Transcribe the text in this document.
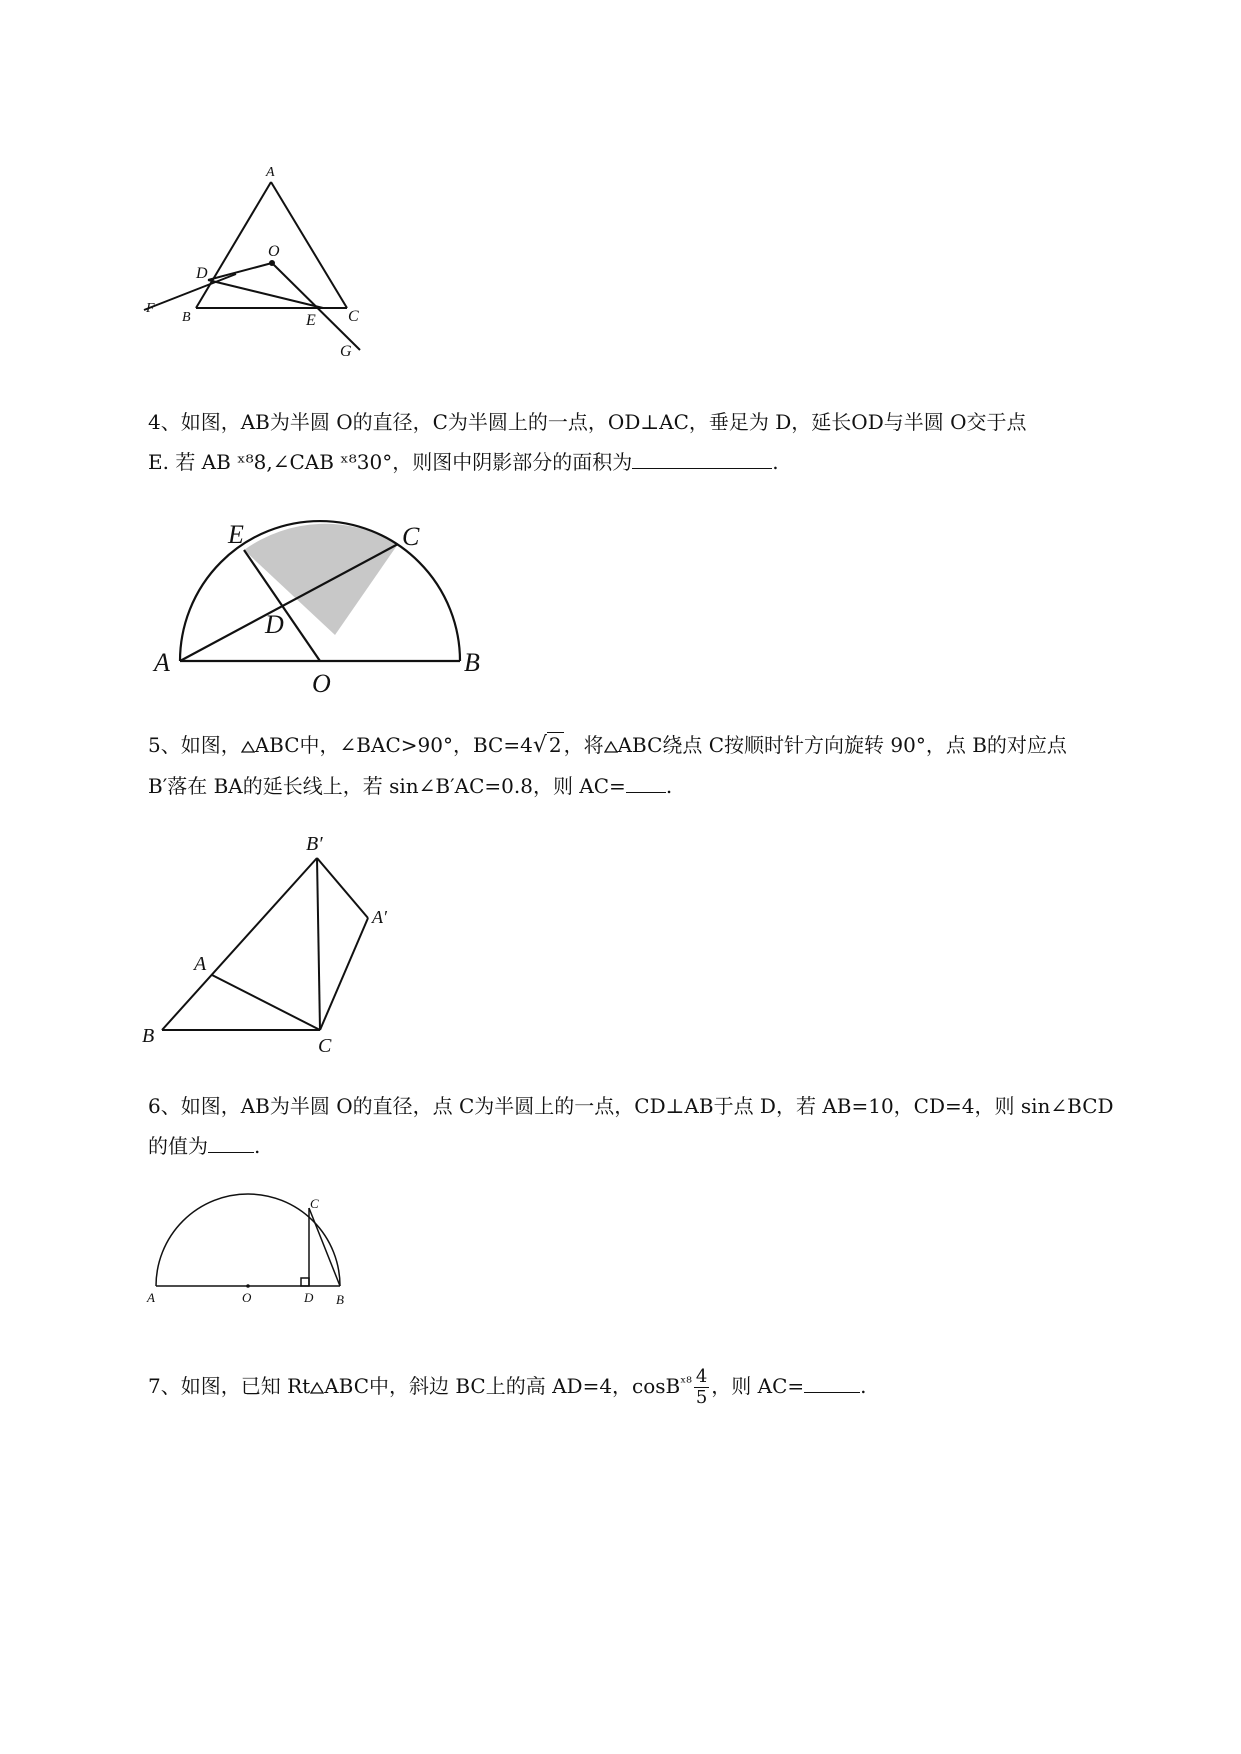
A
O
D
F
B	E C
G

4、如图，AB为半圆 O的直径，C为半圆上的一点，OD⊥AC，垂足为 D，延长OD与半圆 O交于点

E. 若 AB ˣ⁸8,∠CAB ˣ⁸30°，则图中阴影部分的面积为	.

E	C
D
A
O
B

5、如图， ABC中，∠BAC>90°，BC=4√ 2 ，将 ABC绕点 C按顺时针方向旋转 90°，点 B的对应点

B′落在 BA的延长线上，若 sin∠B′AC=0.8，则 AC= .

B′
A′
A
B	C

6、如图，AB为半圆 O的直径，点 C为半圆上的一点，CD⊥AB于点 D，若 AB=10，CD=4，则 sin∠BCD

的值为 .

C
A	O	D B
7、如图，已知 Rt ABC中，斜边 BC上的高 AD=4，$\cos B^{ˣ^8} \frac{4}{5}$ ，则 AC=	.
